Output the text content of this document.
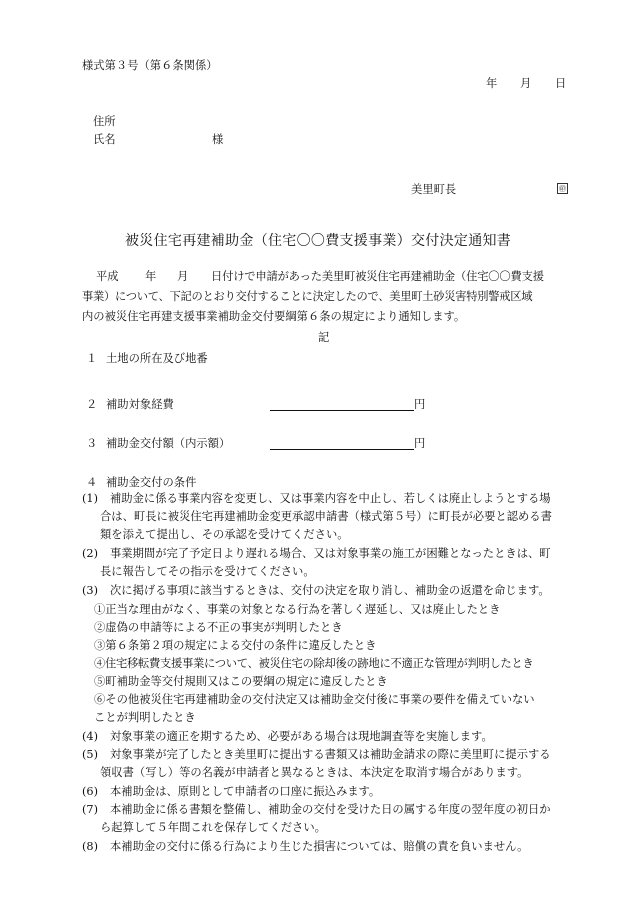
様式第３号（第６条関係）
年 月 日
住所
氏名	様
美里町長	㊞
被災住宅再建補助金（住宅〇〇費支援事業）交付決定通知書
平成 年 月 日付けで申請があった美里町被災住宅再建補助金（住宅〇〇費支援
事業）について、下記のとおり交付することに決定したので、美里町土砂災害特別警戒区域
内の被災住宅再建支援事業補助金交付要綱第６条の規定により通知します。
記
１ 土地の所在及び地番
２ 補助対象経費	円
３ 補助金交付額（内示額）	円
４ 補助金交付の条件
(1)	補助金に係る事業内容を変更し、又は事業内容を中止し、若しくは廃止しようとする場合は、町長に被災住宅再建補助金変更承認申請書（様式第５号）に町長が必要と認める書類を添えて提出し、その承認を受けてください。
(2)	事業期間が完了予定日より遅れる場合、又は対象事業の施工が困難となったときは、町長に報告してその指示を受けてください。
(3)	次に掲げる事項に該当するときは、交付の決定を取り消し、補助金の返還を命じます。
①正当な理由がなく、事業の対象となる行為を著しく遅延し、又は廃止したとき
②虚偽の申請等による不正の事実が判明したとき
③第６条第２項の規定による交付の条件に違反したとき
④住宅移転費支援事業について、被災住宅の除却後の跡地に不適正な管理が判明したとき
⑤町補助金等交付規則又はこの要綱の規定に違反したとき
⑥その他被災住宅再建補助金の交付決定又は補助金交付後に事業の要件を備えていないことが判明したとき
(4)	対象事業の適正を期するため、必要がある場合は現地調査等を実施します。
(5)	対象事業が完了したとき美里町に提出する書類又は補助金請求の際に美里町に提示する領収書（写し）等の名義が申請者と異なるときは、本決定を取消す場合があります。
(6)	本補助金は、原則として申請者の口座に振込みます。
(7)	本補助金に係る書類を整備し、補助金の交付を受けた日の属する年度の翌年度の初日から起算して５年間これを保存してください。
(8)	本補助金の交付に係る行為により生じた損害については、賠償の責を負いません。
